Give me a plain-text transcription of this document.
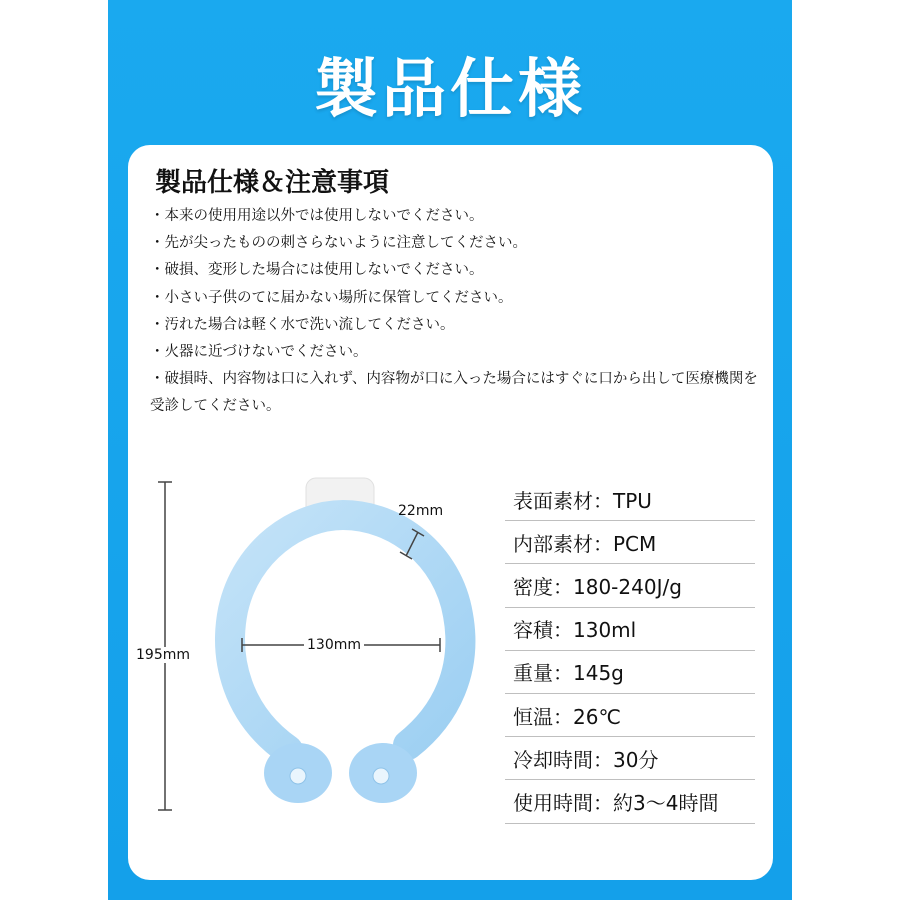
製品仕様
製品仕様＆注意事項
・本来の使用用途以外では使用しないでください。
・先が尖ったものの刺さらないように注意してください。
・破損、変形した場合には使用しないでください。
・小さい子供のてに届かない場所に保管してください。
・汚れた場合は軽く水で洗い流してください。
・火器に近づけないでください。
・破損時、内容物は口に入れず、内容物が口に入った場合にはすぐに口から出して医療機関を受診してください。
195mm
130mm
22mm	表面素材：TPU
内部素材：PCM
密度：180-240J/g
容積：130ml
重量：145g
恒温：26℃
冷却時間：30分
使用時間：約3～4時間
